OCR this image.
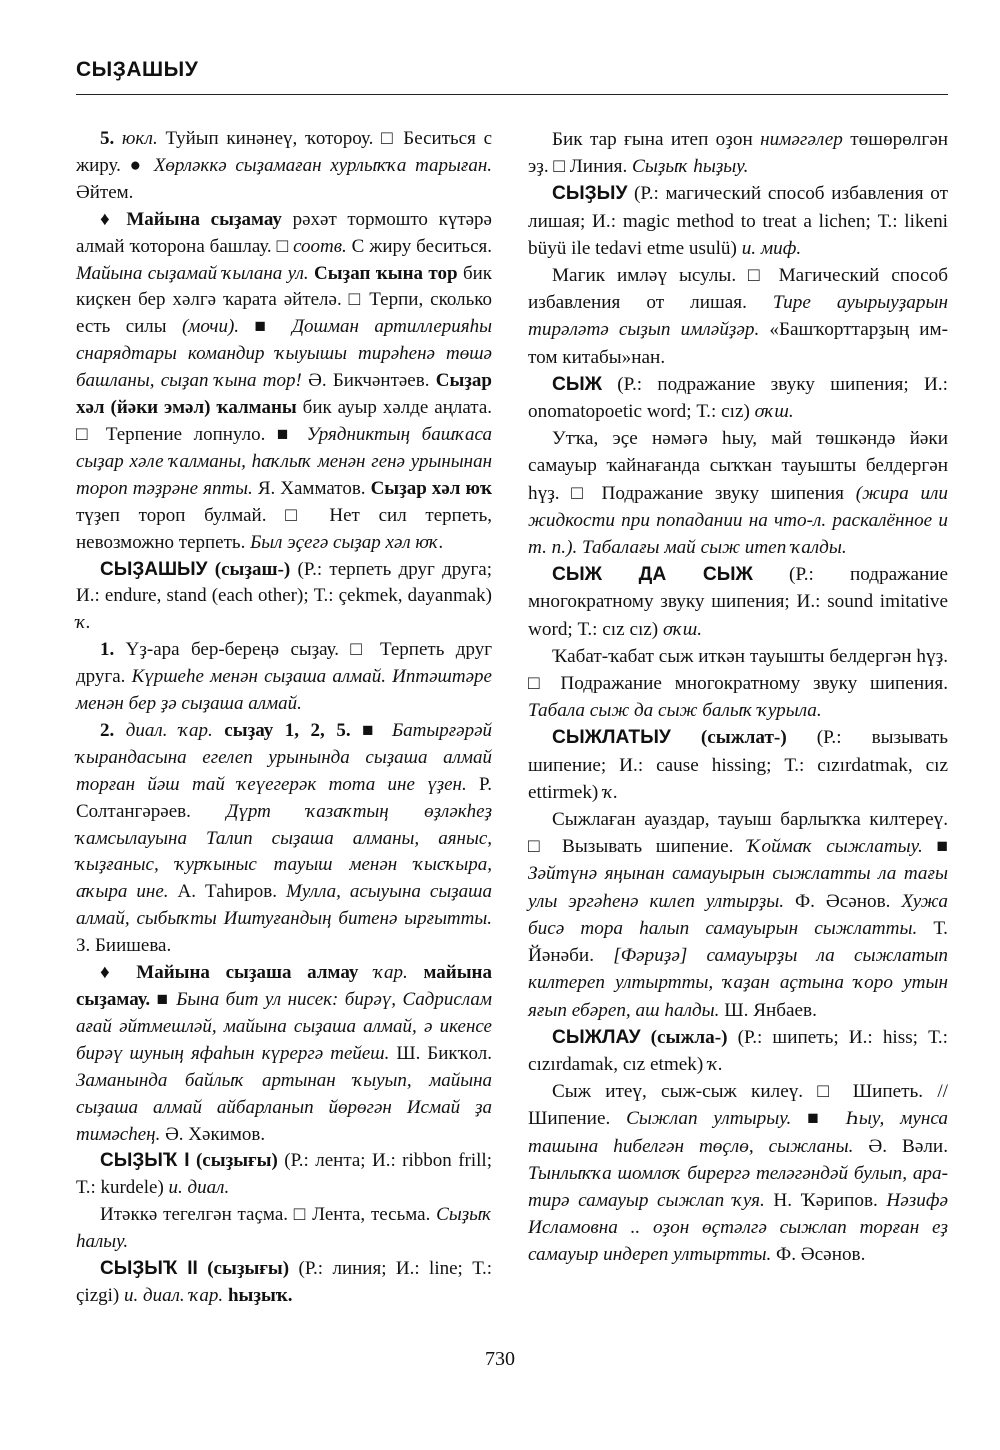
СЫҘАШЫУ

5. юкл. Туйып кинәнеү, ҡотороу. □ Беситься с жиру. ● Хөрләккә сыҙамаған хурлыҡҡа тарыған. Әйтем.

♦ Майына сыҙамау рәхәт тормошто күтәрә алмай ҡоторона башлау. □ соотв. С жиру беситься. Майына сыҙамай ҡылана ул. Сыҙап ҡына тор бик киҫкен бер хәлгә ҡарата әйтелә. □ Терпи, сколько есть силы (мочи). ■ Дошман артиллерияһы снарядтары командир ҡыуышы тирәһенә төшә башланы, сыҙап ҡына тор! Ә. Бикчәнтәев. Сыҙар хәл (йәки эмәл) ҡалманы бик ауыр хәлде аңлата. □ Терпение лопнуло. ■ Урядниктың башҡаса сыҙар хәле ҡалманы, һаҡлыҡ менән генә урынынан тороп тәҙрәне япты. Я. Хамматов. Сыҙар хәл юҡ түҙеп тороп булмай. □ Нет сил терпеть, невозможно терпеть. Был эҫегә сыҙар хәл юҡ.

СЫҘАШЫУ (сыҙаш-) (Р.: терпеть друг друга; И.: endure, stand (each other); Т.: çekmek, dayanmak) ҡ.

1. Үҙ-ара бер-береңә сыҙау. □ Терпеть друг друга. Күршеһе менән сыҙаша алмай. Иптәштәре менән бер ҙә сыҙаша алмай.

2. диал. ҡар. сыҙау 1, 2, 5. ■ Батырғәрәй ҡырандасына егелеп урынында сыҙаша алмай торған йәш тай ҡеүегерәк тота ине үҙен. Р. Солтангәрәев. Дүрт ҡазаҡтың өҙләкһеҙ ҡамсылауына Талип сыҙаша алманы, аяныс, ҡыҙғаныс, ҡурҡыныс тауыш менән ҡысҡыра, аҡыра ине. А. Таһиров. Мулла, асыуына сыҙаша алмай, сыбыҡты Иштуғандың битенә ырғытты. З. Биишева.

♦ Майына сыҙаша алмау ҡар. майына сыҙамау. ■ Бына бит ул нисек: бирәү, Садрислам ағай әйтмешләй, майына сыҙаша алмай, ә икенсе бирәү шуның яфаһын күрергә тейеш. Ш. Бикҡол. Заманында байлыҡ артынан ҡыуып, майына сыҙаша алмай айбарланып йөрөгән Исмай ҙа тимәсһең. Ә. Хәкимов.

СЫҘЫҠ I (сыҙығы) (Р.: лента; И.: ribbon frill; Т.: kurdele) и. диал.

Итәккә тегелгән таҫма. □ Лента, тесьма. Сыҙыҡ һалыу.

СЫҘЫҠ II (сыҙығы) (Р.: линия; И.: line; Т.: çizgi) и. диал. ҡар. һыҙыҡ.

Бик тар ғына итеп оҙон нимәгәлер төшөрөлгән эҙ. □ Линия. Сыҙыҡ һыҙыу.

СЫҘЫУ (Р.: магический способ избавления от лишая; И.: magic method to treat a lichen; Т.: likeni büyü ile tedavi etme usulü) и. миф.

Магик имләү ысулы. □ Магический способ избавления от лишая. Тире ауырыуҙарын тирәләтә сыҙып имләйҙәр. «Башҡорттарҙың им-том китабы»нан.

СЫЖ (Р.: подражание звуку шипения; И.: onomatopoetic word; Т.: cız) оҡш.

Утҡа, эҫе нәмәгә һыу, май төшкәндә йәки самауыр ҡайнағанда сыҡҡан тауышты белдергән һүҙ. □ Подражание звуку шипения (жира или жидкости при попадании на что-л. раскалённое и т. п.). Табалағы май сыж итеп ҡалды.

СЫЖ ДА СЫЖ (Р.: подражание многократному звуку шипения; И.: sound imitative word; Т.: cız cız) оҡш.

Ҡабат-ҡабат сыж иткән тауышты белдергән һүҙ. □ Подражание многократному звуку шипения. Табала сыж да сыж балыҡ ҡурыла.

СЫЖЛАТЫУ (сыжлат-) (Р.: вызывать шипение; И.: cause hissing; Т.: cızırdatmak, cız ettirmek) ҡ.

Сыжлаған ауаздар, тауыш барлыҡҡа килтереү. □ Вызывать шипение. Ҡоймаҡ сыжлатыу. ■ Зәйтүнә яңынан самауырын сыжлатты ла тағы улы эргәһенә килеп ултырҙы. Ф. Әсәнов. Хужа бисә тора һалып самауырын сыжлатты. Т. Йәнәби. [Фәриҙә] самауырҙы ла сыжлатып килтереп ултыртты, ҡаҙан аҫтына ҡоро утын яғып ебәреп, аш һалды. Ш. Янбаев.

СЫЖЛАУ (сыжла-) (Р.: шипеть; И.: hiss; Т.: cızırdamak, cız etmek) ҡ.

Сыж итеү, сыж-сыж килеү. □ Шипеть. // Шипение. Сыжлап ултырыу. ■ Һыу, мунса ташына һибелгән төҫлө, сыжланы. Ә. Вәли. Тынлыҡҡа шомлоҡ бирергә теләгәндәй булып, ара-тирә самауыр сыжлап ҡуя. Н. Ҡәрипов. Нәзифә Исламовна .. оҙон өҫтәлгә сыжлап торған еҙ самауыр индереп ултыртты. Ф. Әсәнов.

730
